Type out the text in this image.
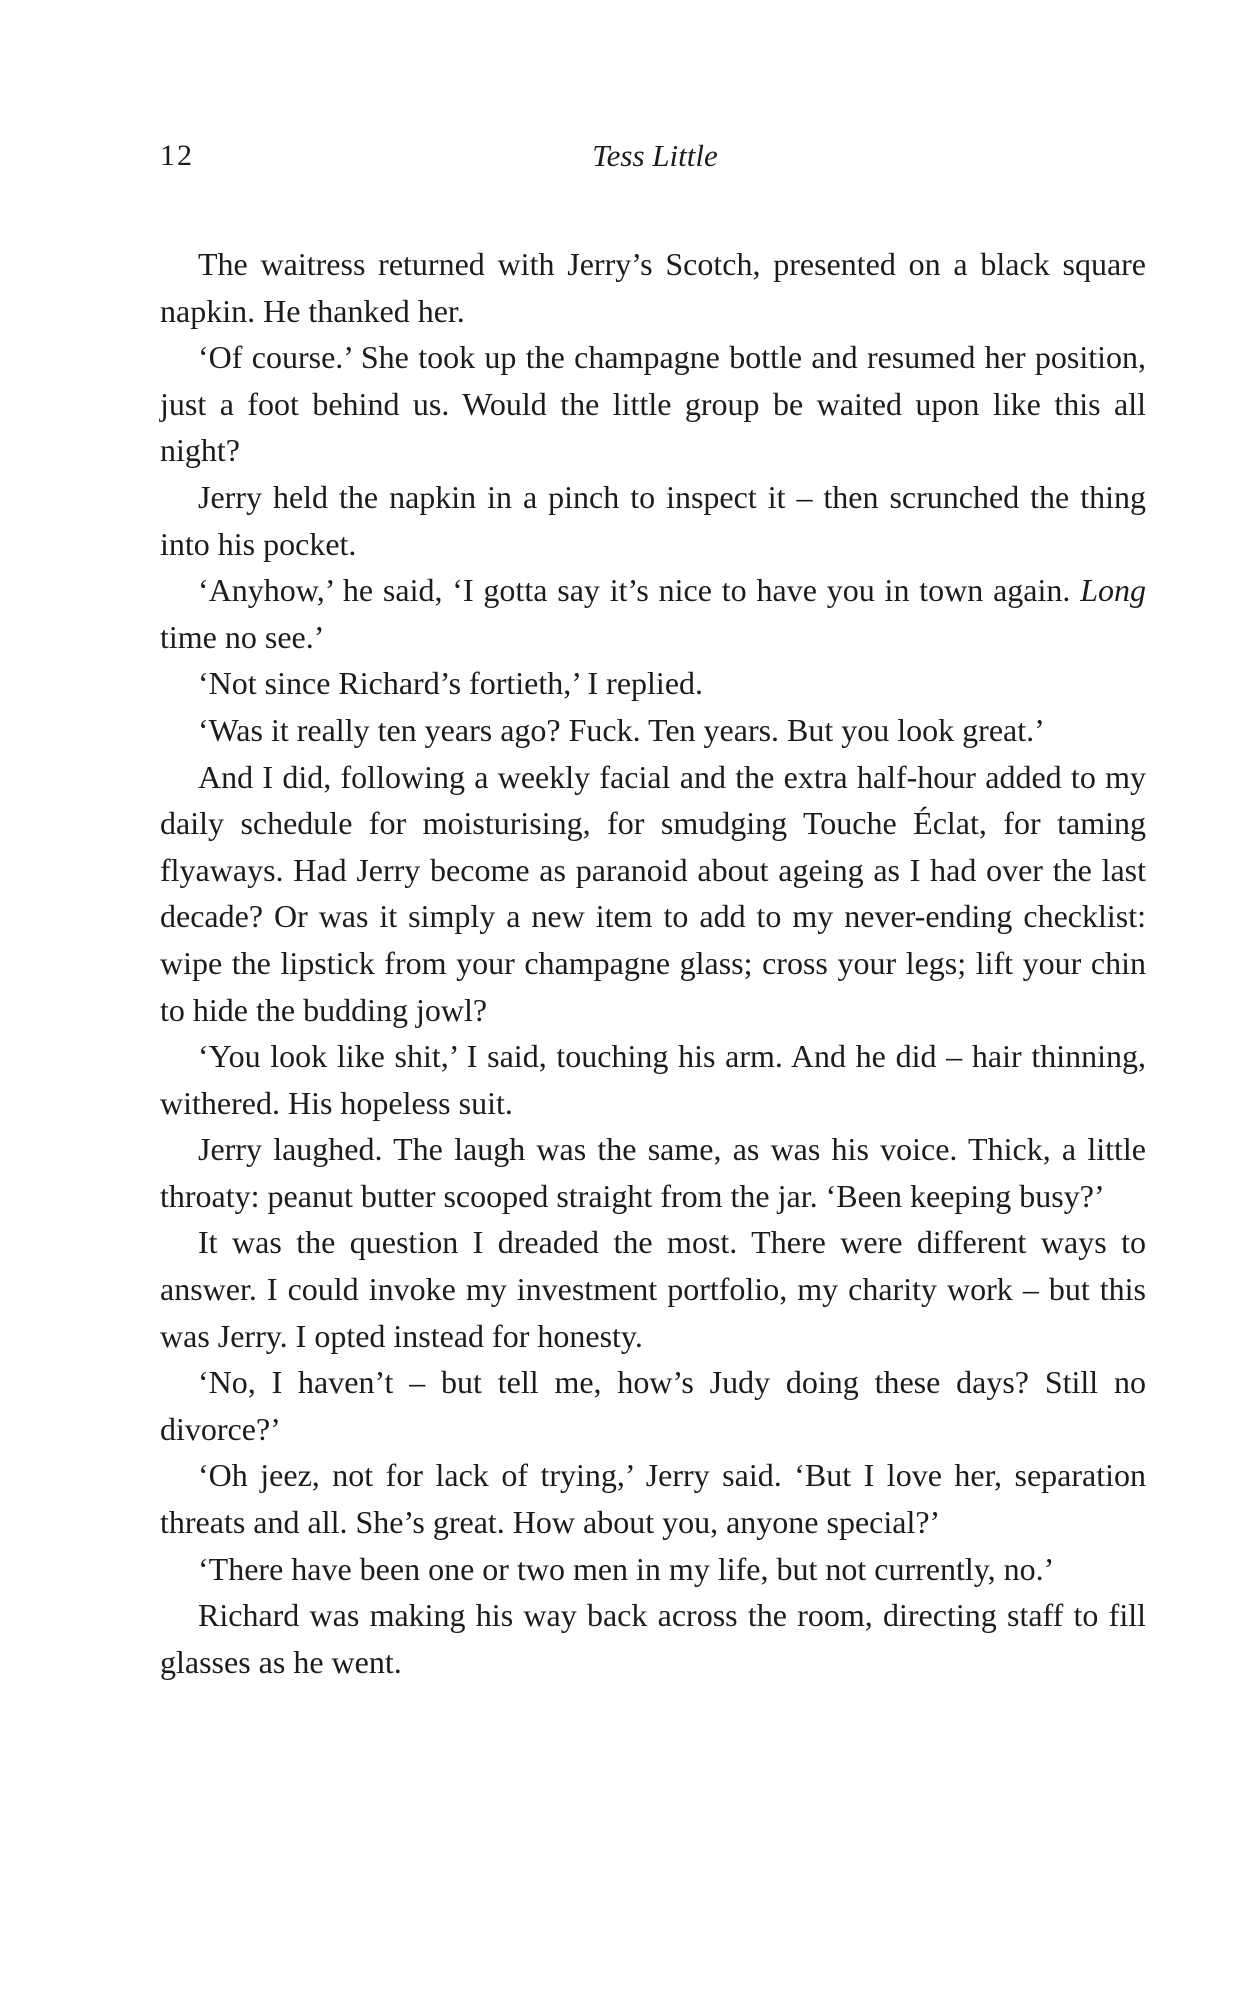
12	Tess Little

The waitress returned with Jerry’s Scotch, presented on a black square napkin. He thanked her.

‘Of course.’ She took up the champagne bottle and resumed her position, just a foot behind us. Would the little group be waited upon like this all night?

Jerry held the napkin in a pinch to inspect it – then scrunched the thing into his pocket.

‘Anyhow,’ he said, ‘I gotta say it’s nice to have you in town again. Long time no see.’

‘Not since Richard’s fortieth,’ I replied.

‘Was it really ten years ago? Fuck. Ten years. But you look great.’

And I did, following a weekly facial and the extra half-hour added to my daily schedule for moisturising, for smudging Touche Éclat, for taming flyaways. Had Jerry become as paranoid about ageing as I had over the last decade? Or was it simply a new item to add to my never-ending checklist: wipe the lipstick from your champagne glass; cross your legs; lift your chin to hide the budding jowl?

‘You look like shit,’ I said, touching his arm. And he did – hair thinning, withered. His hopeless suit.

Jerry laughed. The laugh was the same, as was his voice. Thick, a little throaty: peanut butter scooped straight from the jar. ‘Been keeping busy?’

It was the question I dreaded the most. There were different ways to answer. I could invoke my investment portfolio, my charity work – but this was Jerry. I opted instead for honesty.

‘No, I haven’t – but tell me, how’s Judy doing these days? Still no divorce?’

‘Oh jeez, not for lack of trying,’ Jerry said. ‘But I love her, separation threats and all. She’s great. How about you, anyone special?’

‘There have been one or two men in my life, but not currently, no.’

Richard was making his way back across the room, directing staff to fill glasses as he went.
